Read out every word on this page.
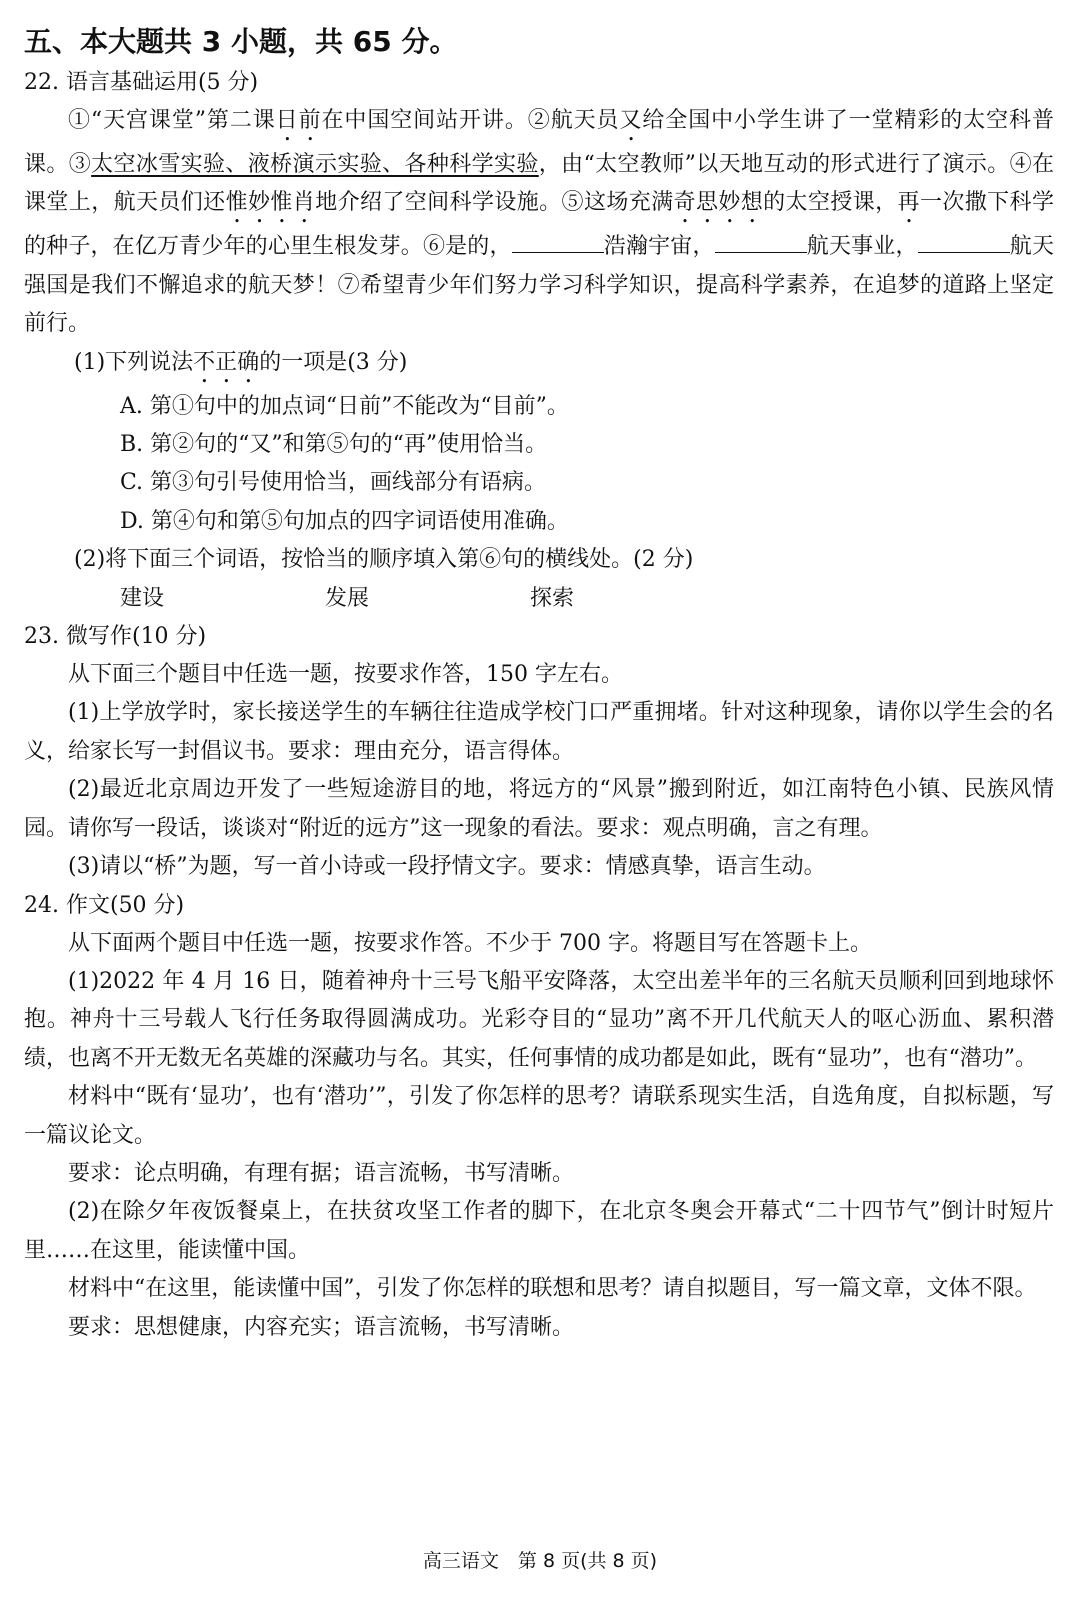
五、本大题共 3 小题，共 65 分。
22. 语言基础运用(5 分)

①“天宫课堂”第二课日前在中国空间站开讲。②航天员又给全国中小学生讲了一堂精彩的太空科普课。③太空冰雪实验、液桥演示实验、各种科学实验，由“太空教师”以天地互动的形式进行了演示。④在课堂上，航天员们还惟妙惟肖地介绍了空间科学设施。⑤这场充满奇思妙想的太空授课，再一次撒下科学的种子，在亿万青少年的心里生根发芽。⑥是的，	浩瀚宇宙，	航天事业，	航天强国是我们不懈追求的航天梦！⑦希望青少年们努力学习科学知识，提高科学素养，在追梦的道路上坚定前行。

(1)下列说法不正确的一项是(3 分)

A. 第①句中的加点词“日前”不能改为“目前”。

B. 第②句的“又”和第⑤句的“再”使用恰当。

C. 第③句引号使用恰当，画线部分有语病。

D. 第④句和第⑤句加点的四字词语使用准确。

(2)将下面三个词语，按恰当的顺序填入第⑥句的横线处。(2 分)

建设	发展	探索

23. 微写作(10 分)

从下面三个题目中任选一题，按要求作答，150 字左右。

(1)上学放学时，家长接送学生的车辆往往造成学校门口严重拥堵。针对这种现象，请你以学生会的名义，给家长写一封倡议书。要求：理由充分，语言得体。

(2)最近北京周边开发了一些短途游目的地，将远方的“风景”搬到附近，如江南特色小镇、民族风情园。请你写一段话，谈谈对“附近的远方”这一现象的看法。要求：观点明确，言之有理。

(3)请以“桥”为题，写一首小诗或一段抒情文字。要求：情感真挚，语言生动。

24. 作文(50 分)

从下面两个题目中任选一题，按要求作答。不少于 700 字。将题目写在答题卡上。

(1)2022 年 4 月 16 日，随着神舟十三号飞船平安降落，太空出差半年的三名航天员顺利回到地球怀抱。神舟十三号载人飞行任务取得圆满成功。光彩夺目的“显功”离不开几代航天人的呕心沥血、累积潜绩，也离不开无数无名英雄的深藏功与名。其实，任何事情的成功都是如此，既有“显功”，也有“潜功”。

材料中“既有‘显功’，也有‘潜功’”，引发了你怎样的思考？请联系现实生活，自选角度，自拟标题，写一篇议论文。

要求：论点明确，有理有据；语言流畅，书写清晰。

(2)在除夕年夜饭餐桌上，在扶贫攻坚工作者的脚下，在北京冬奥会开幕式“二十四节气”倒计时短片里……在这里，能读懂中国。

材料中“在这里，能读懂中国”，引发了你怎样的联想和思考？请自拟题目，写一篇文章，文体不限。

要求：思想健康，内容充实；语言流畅，书写清晰。

高三语文　第 8 页(共 8 页)
